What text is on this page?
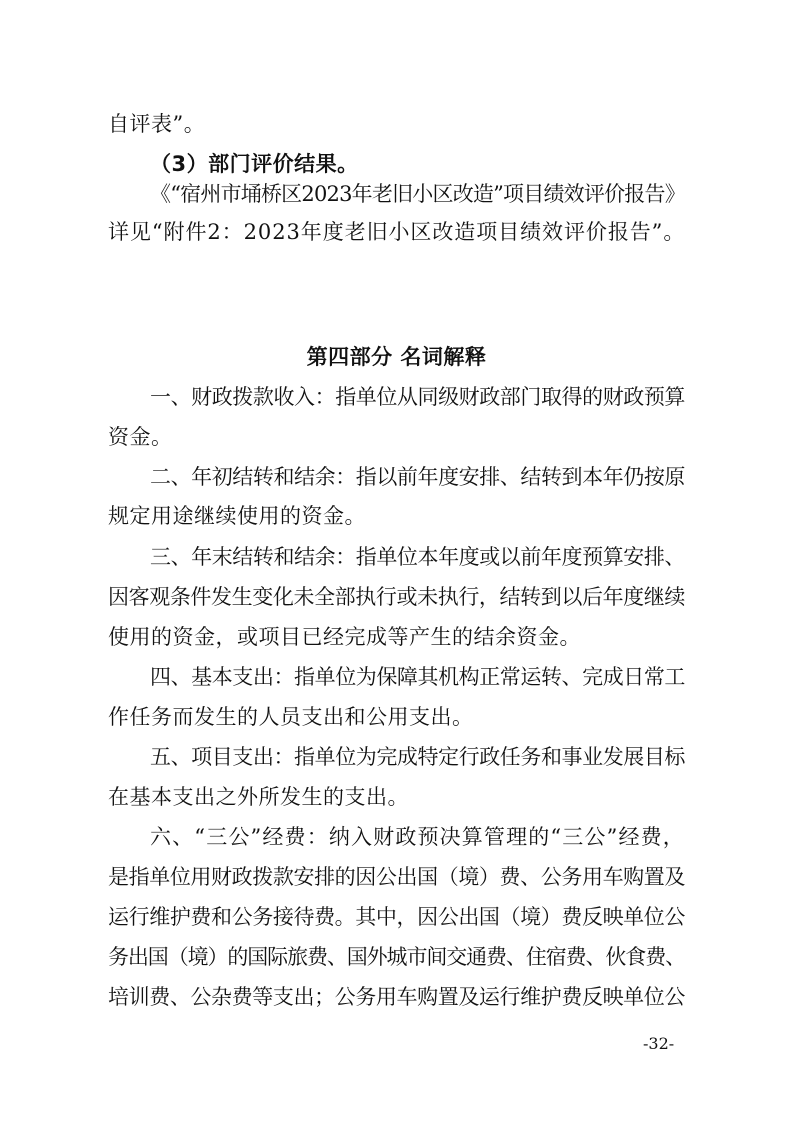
自评表”。

（3）部门评价结果。

《“宿州市埇桥区2023年老旧小区改造”项目绩效评价报告》

详见“附件2：2023年度老旧小区改造项目绩效评价报告”。

第四部分 名词解释

一、财政拨款收入：指单位从同级财政部门取得的财政预算

资金。

二、年初结转和结余：指以前年度安排、结转到本年仍按原

规定用途继续使用的资金。

三、年末结转和结余：指单位本年度或以前年度预算安排、

因客观条件发生变化未全部执行或未执行，结转到以后年度继续

使用的资金，或项目已经完成等产生的结余资金。

四、基本支出：指单位为保障其机构正常运转、完成日常工

作任务而发生的人员支出和公用支出。

五、项目支出：指单位为完成特定行政任务和事业发展目标

在基本支出之外所发生的支出。

六、“三公”经费：纳入财政预决算管理的“三公”经费，

是指单位用财政拨款安排的因公出国（境）费、公务用车购置及

运行维护费和公务接待费。其中，因公出国（境）费反映单位公

务出国（境）的国际旅费、国外城市间交通费、住宿费、伙食费、

培训费、公杂费等支出；公务用车购置及运行维护费反映单位公

-32-
